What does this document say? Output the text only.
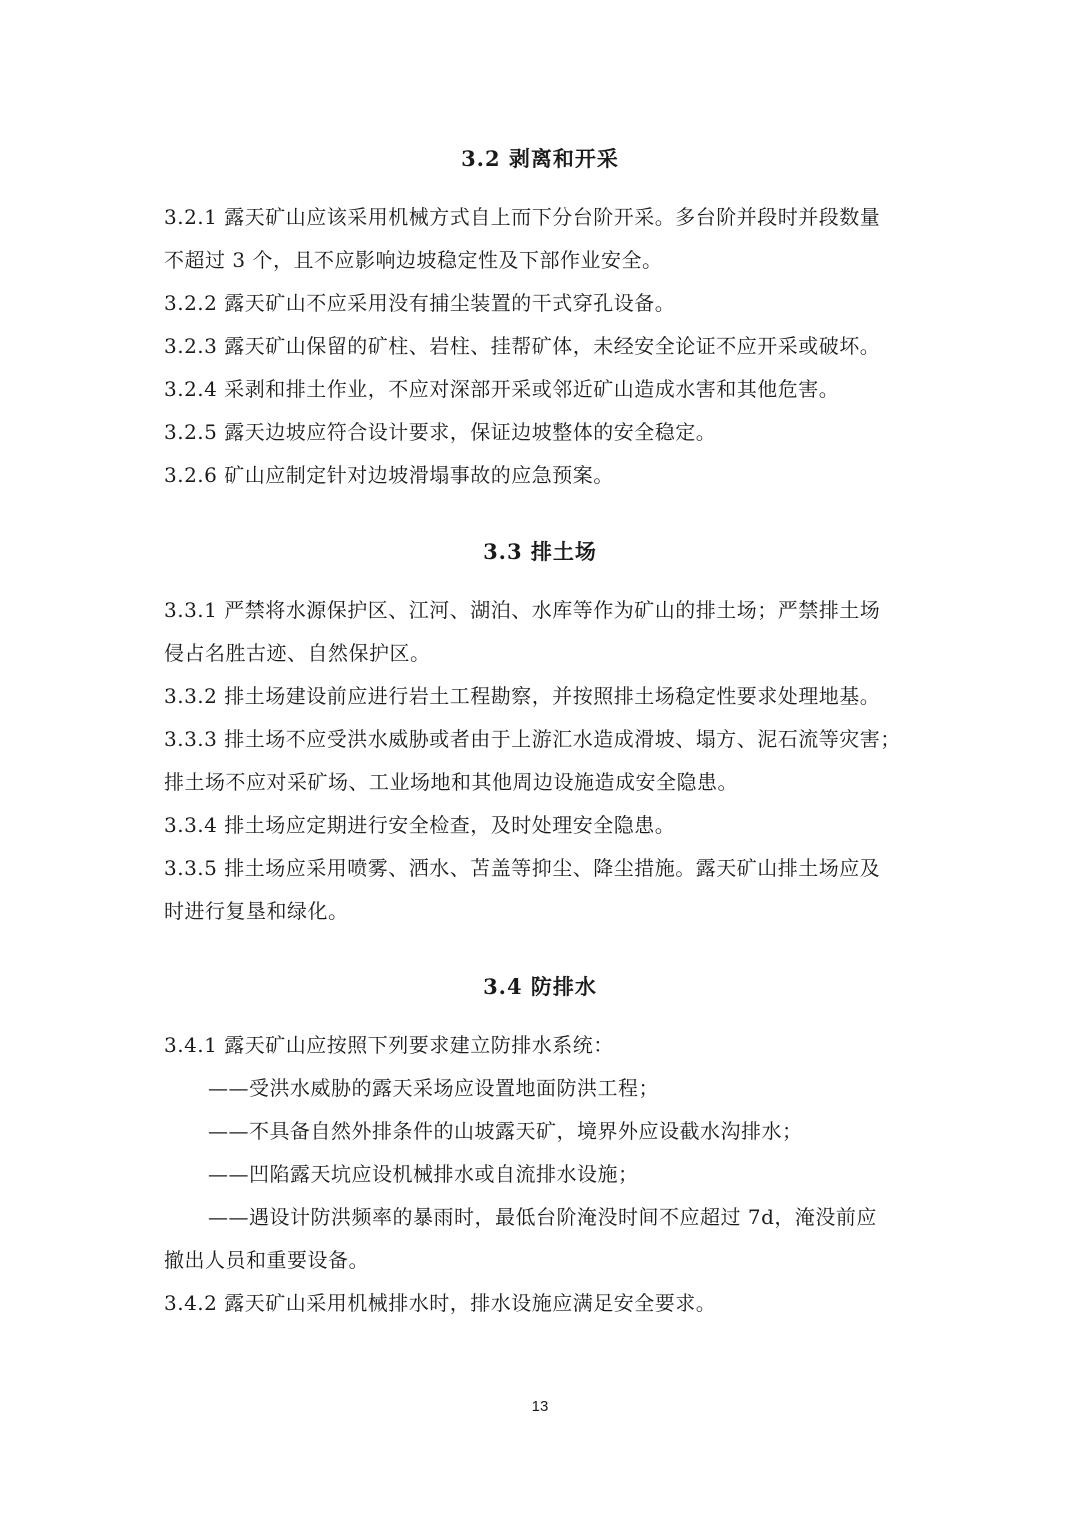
3.2 剥离和开采

3.2.1 露天矿山应该采用机械方式自上而下分台阶开采。多台阶并段时并段数量

不超过 3 个，且不应影响边坡稳定性及下部作业安全。

3.2.2 露天矿山不应采用没有捕尘装置的干式穿孔设备。

3.2.3 露天矿山保留的矿柱、岩柱、挂帮矿体，未经安全论证不应开采或破坏。

3.2.4 采剥和排土作业，不应对深部开采或邻近矿山造成水害和其他危害。

3.2.5 露天边坡应符合设计要求，保证边坡整体的安全稳定。

3.2.6 矿山应制定针对边坡滑塌事故的应急预案。

3.3 排土场

3.3.1 严禁将水源保护区、江河、湖泊、水库等作为矿山的排土场；严禁排土场

侵占名胜古迹、自然保护区。

3.3.2 排土场建设前应进行岩土工程勘察，并按照排土场稳定性要求处理地基。

3.3.3 排土场不应受洪水威胁或者由于上游汇水造成滑坡、塌方、泥石流等灾害；

排土场不应对采矿场、工业场地和其他周边设施造成安全隐患。

3.3.4 排土场应定期进行安全检查，及时处理安全隐患。

3.3.5 排土场应采用喷雾、洒水、苫盖等抑尘、降尘措施。露天矿山排土场应及

时进行复垦和绿化。

3.4 防排水

3.4.1 露天矿山应按照下列要求建立防排水系统：

——受洪水威胁的露天采场应设置地面防洪工程；

——不具备自然外排条件的山坡露天矿，境界外应设截水沟排水；

——凹陷露天坑应设机械排水或自流排水设施；

——遇设计防洪频率的暴雨时，最低台阶淹没时间不应超过 7d，淹没前应

撤出人员和重要设备。

3.4.2 露天矿山采用机械排水时，排水设施应满足安全要求。

13
